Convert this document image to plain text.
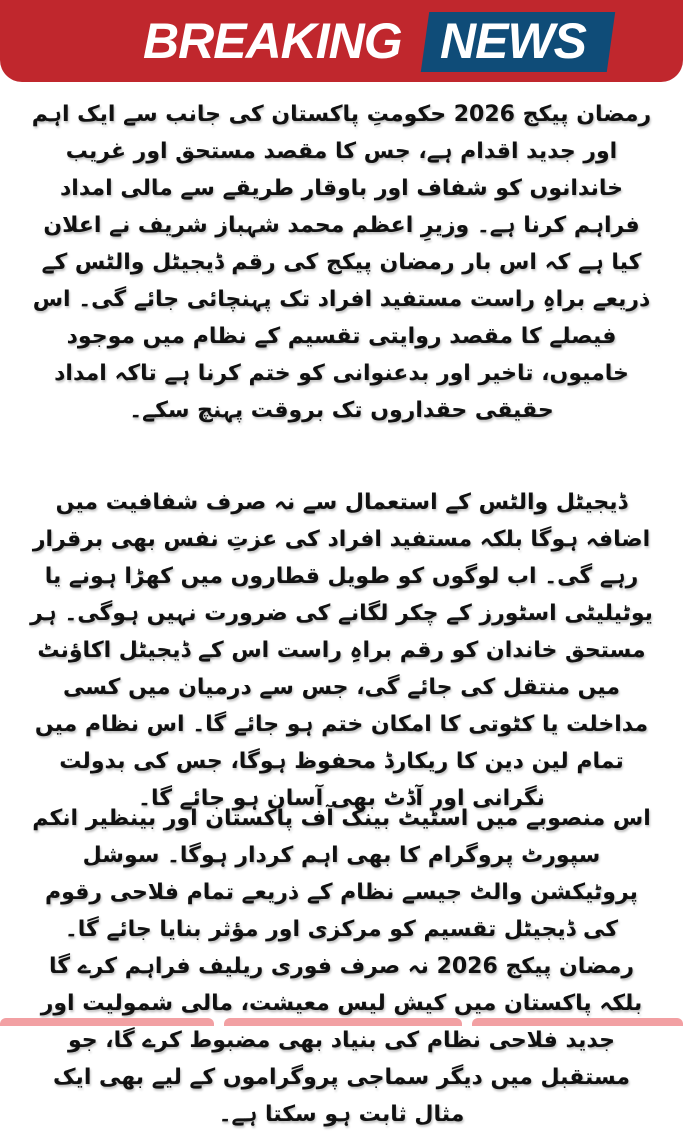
BREAKING NEWS

رمضان پیکج 2026 حکومتِ پاکستان کی جانب سے ایک اہم اور جدید اقدام ہے، جس کا مقصد مستحق اور غریب خاندانوں کو شفاف اور باوقار طریقے سے مالی امداد فراہم کرنا ہے۔ وزیرِ اعظم محمد شہباز شریف نے اعلان کیا ہے کہ اس بار رمضان پیکج کی رقم ڈیجیٹل والٹس کے ذریعے براہِ راست مستفید افراد تک پہنچائی جائے گی۔ اس فیصلے کا مقصد روایتی تقسیم کے نظام میں موجود خامیوں، تاخیر اور بدعنوانی کو ختم کرنا ہے تاکہ امداد حقیقی حقداروں تک بروقت پہنچ سکے۔

ڈیجیٹل والٹس کے استعمال سے نہ صرف شفافیت میں اضافہ ہوگا بلکہ مستفید افراد کی عزتِ نفس بھی برقرار رہے گی۔ اب لوگوں کو طویل قطاروں میں کھڑا ہونے یا یوٹیلیٹی اسٹورز کے چکر لگانے کی ضرورت نہیں ہوگی۔ ہر مستحق خاندان کو رقم براہِ راست اس کے ڈیجیٹل اکاؤنٹ میں منتقل کی جائے گی، جس سے درمیان میں کسی مداخلت یا کٹوتی کا امکان ختم ہو جائے گا۔ اس نظام میں تمام لین دین کا ریکارڈ محفوظ ہوگا، جس کی بدولت نگرانی اور آڈٹ بھی آسان ہو جائے گا۔

اس منصوبے میں اسٹیٹ بینک آف پاکستان اور بینظیر انکم سپورٹ پروگرام کا بھی اہم کردار ہوگا۔ سوشل پروٹیکشن والٹ جیسے نظام کے ذریعے تمام فلاحی رقوم کی ڈیجیٹل تقسیم کو مرکزی اور مؤثر بنایا جائے گا۔ رمضان پیکج 2026 نہ صرف فوری ریلیف فراہم کرے گا بلکہ پاکستان میں کیش لیس معیشت، مالی شمولیت اور جدید فلاحی نظام کی بنیاد بھی مضبوط کرے گا، جو مستقبل میں دیگر سماجی پروگراموں کے لیے بھی ایک مثال ثابت ہو سکتا ہے۔
